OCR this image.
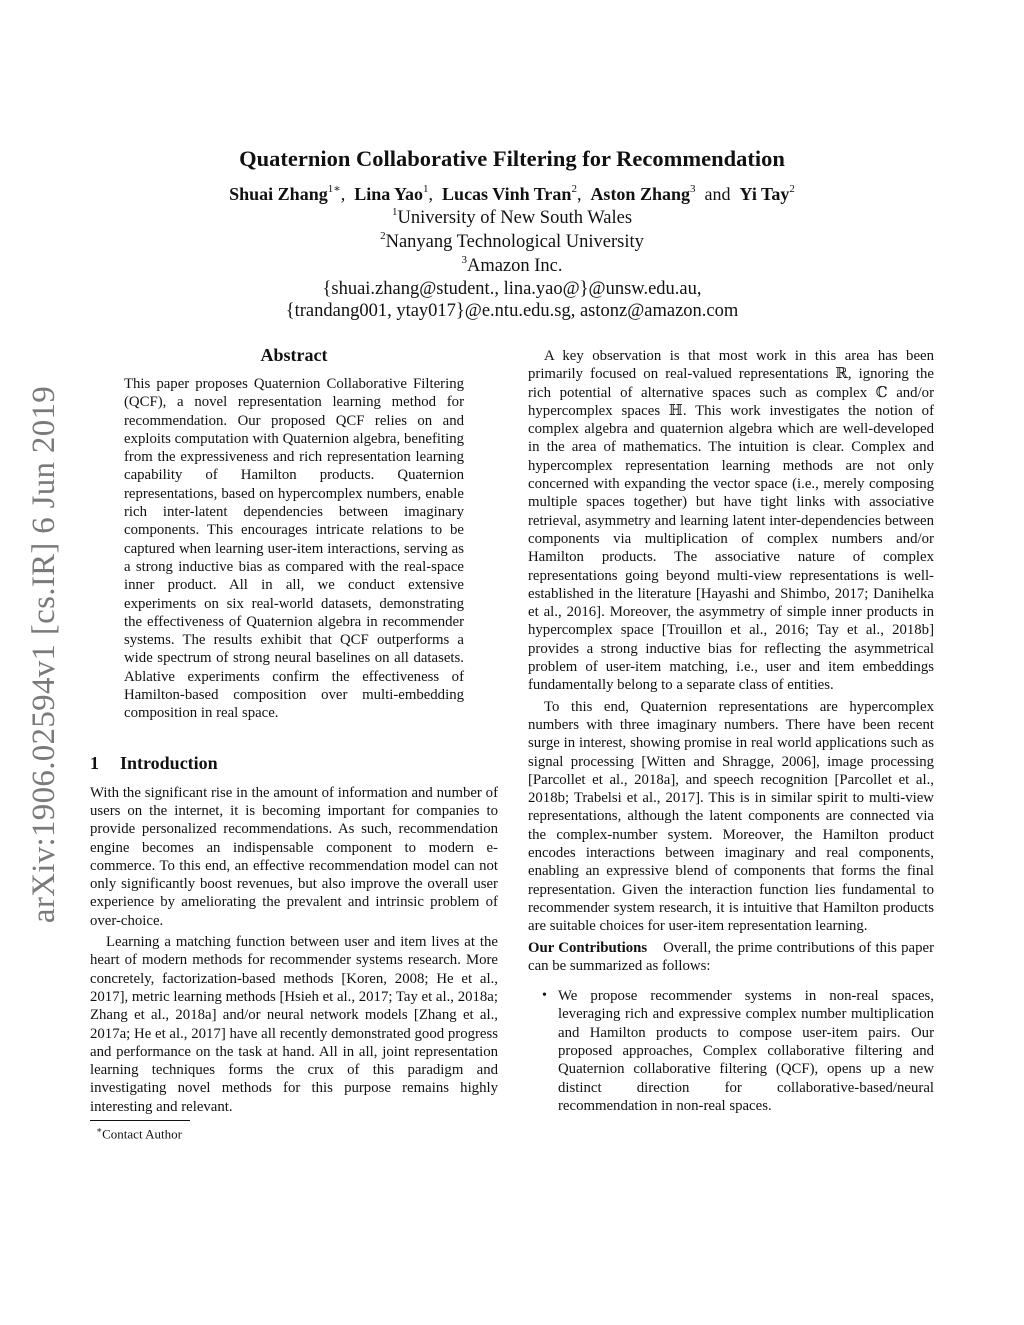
arXiv:1906.02594v1 [cs.IR] 6 Jun 2019
Quaternion Collaborative Filtering for Recommendation
Shuai Zhang$^{1∗}$, Lina Yao$^1$, Lucas Vinh Tran$^2$, Aston Zhang$^3$ and Yi Tay$^2$
$^1$University of New South Wales
$^2$Nanyang Technological University
$^3$Amazon Inc.
{shuai.zhang@student., lina.yao@}@unsw.edu.au,
{trandang001, ytay017}@e.ntu.edu.sg, astonz@amazon.com
Abstract

This paper proposes Quaternion Collaborative Filtering (QCF), a novel representation learning method for recommendation. Our proposed QCF relies on and exploits computation with Quaternion algebra, benefiting from the expressiveness and rich representation learning capability of Hamilton products. Quaternion representations, based on hypercomplex numbers, enable rich inter-latent dependencies between imaginary components. This encourages intricate relations to be captured when learning user-item interactions, serving as a strong inductive bias as compared with the real-space inner product. All in all, we conduct extensive experiments on six real-world datasets, demonstrating the effectiveness of Quaternion algebra in recommender systems. The results exhibit that QCF outperforms a wide spectrum of strong neural baselines on all datasets. Ablative experiments confirm the effectiveness of Hamilton-based composition over multi-embedding composition in real space.

1 Introduction

With the significant rise in the amount of information and number of users on the internet, it is becoming important for companies to provide personalized recommendations. As such, recommendation engine becomes an indispensable component to modern e-commerce. To this end, an effective recommendation model can not only significantly boost revenues, but also improve the overall user experience by ameliorating the prevalent and intrinsic problem of over-choice.

Learning a matching function between user and item lives at the heart of modern methods for recommender systems research. More concretely, factorization-based methods [Koren, 2008; He et al., 2017], metric learning methods [Hsieh et al., 2017; Tay et al., 2018a; Zhang et al., 2018a] and/or neural network models [Zhang et al., 2017a; He et al., 2017] have all recently demonstrated good progress and performance on the task at hand. All in all, joint representation learning techniques forms the crux of this paradigm and investigating novel methods for this purpose remains highly interesting and relevant.

∗Contact Author

A key observation is that most work in this area has been primarily focused on real-valued representations ℝ, ignoring the rich potential of alternative spaces such as complex ℂ and/or hypercomplex spaces ℍ. This work investigates the notion of complex algebra and quaternion algebra which are well-developed in the area of mathematics. The intuition is clear. Complex and hypercomplex representation learning methods are not only concerned with expanding the vector space (i.e., merely composing multiple spaces together) but have tight links with associative retrieval, asymmetry and learning latent inter-dependencies between components via multiplication of complex numbers and/or Hamilton products. The associative nature of complex representations going beyond multi-view representations is well-established in the literature [Hayashi and Shimbo, 2017; Danihelka et al., 2016]. Moreover, the asymmetry of simple inner products in hypercomplex space [Trouillon et al., 2016; Tay et al., 2018b] provides a strong inductive bias for reflecting the asymmetrical problem of user-item matching, i.e., user and item embeddings fundamentally belong to a separate class of entities.

To this end, Quaternion representations are hypercomplex numbers with three imaginary numbers. There have been recent surge in interest, showing promise in real world applications such as signal processing [Witten and Shragge, 2006], image processing [Parcollet et al., 2018a], and speech recognition [Parcollet et al., 2018b; Trabelsi et al., 2017]. This is in similar spirit to multi-view representations, although the latent components are connected via the complex-number system. Moreover, the Hamilton product encodes interactions between imaginary and real components, enabling an expressive blend of components that forms the final representation. Given the interaction function lies fundamental to recommender system research, it is intuitive that Hamilton products are suitable choices for user-item representation learning.

Our Contributions Overall, the prime contributions of this paper can be summarized as follows:

• We propose recommender systems in non-real spaces, leveraging rich and expressive complex number multiplication and Hamilton products to compose user-item pairs. Our proposed approaches, Complex collaborative filtering and Quaternion collaborative filtering (QCF), opens up a new distinct direction for collaborative-based/neural recommendation in non-real spaces.
